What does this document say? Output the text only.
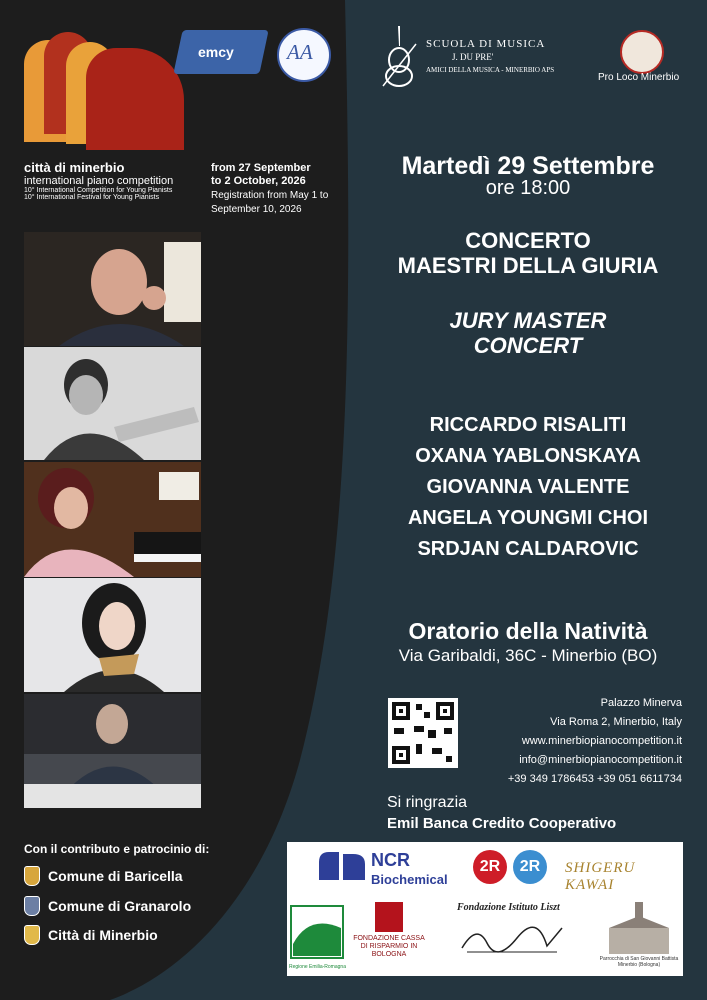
emcy	AA
città di minerbio
international piano competition
10° International Competition for Young Pianists
10° International Festival for Young Pianists
from 27 September
to 2 October, 2026
Registration from May 1 to
September 10, 2026
Con il contributo e patrocinio di:
Comune di Baricella
Comune di Granarolo
Città di Minerbio
SCUOLA DI MUSICA
J. DU PRE'
AMICI DELLA MUSICA - MINERBIO APS
Pro Loco Minerbio
Martedì 29 Settembre
ore 18:00
CONCERTO
MAESTRI DELLA GIURIA
JURY MASTER
CONCERT
RICCARDO RISALITI
OXANA YABLONSKAYA
GIOVANNA VALENTE
ANGELA YOUNGMI CHOI
SRDJAN CALDAROVIC
Oratorio della Natività
Via Garibaldi, 36C - Minerbio (BO)
Palazzo Minerva
Via Roma 2, Minerbio, Italy
www.minerbiopianocompetition.it
info@minerbiopianocompetition.it
+39 349 1786453 +39 051 6611734
Si ringrazia
Emil Banca Credito Cooperativo
NCR
Biochemical
2R	2R	SHIGERU KAWAI
Regione Emilia-Romagna
FONDAZIONE CASSA DI RISPARMIO IN BOLOGNA
Fondazione Istituto Liszt
Parrocchia di San Giovanni Battista Minerbio (Bologna)
